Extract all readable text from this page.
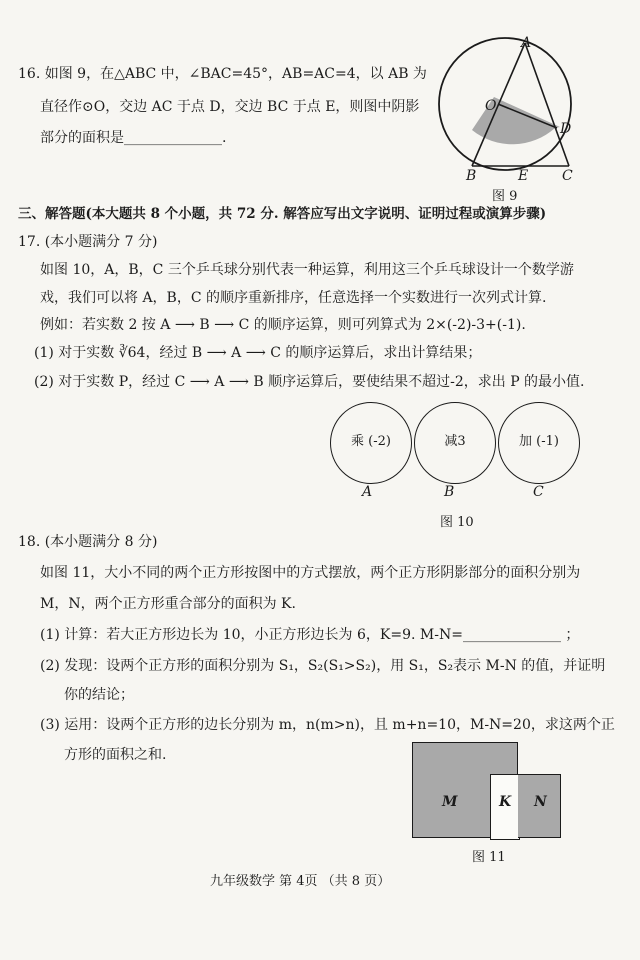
16. 如图 9，在△ABC 中，∠BAC=45°，AB=AC=4，以 AB 为
直径作⊙O，交边 AC 于点 D，交边 BC 于点 E，则图中阴影
部分的面积是______________.
A
O
D
B	E C
图 9
三、解答题(本大题共 8 个小题，共 72 分. 解答应写出文字说明、证明过程或演算步骤)
17. (本小题满分 7 分)
如图 10，A，B，C 三个乒乓球分别代表一种运算，利用这三个乒乓球设计一个数学游
戏，我们可以将 A，B，C 的顺序重新排序，任意选择一个实数进行一次列式计算.
例如：若实数 2 按 A ⟶ B ⟶ C 的顺序运算，则可列算式为 2×(-2)-3+(-1).
(1) 对于实数 ∛64，经过 B ⟶ A ⟶ C 的顺序运算后，求出计算结果；
(2) 对于实数 P，经过 C ⟶ A ⟶ B 顺序运算后，要使结果不超过-2，求出 P 的最小值.
乘 (-2)
A
减3
B
加 (-1)
C
图 10
18. (本小题满分 8 分)
如图 11，大小不同的两个正方形按图中的方式摆放，两个正方形阴影部分的面积分别为
M，N，两个正方形重合部分的面积为 K.
(1) 计算：若大正方形边长为 10，小正方形边长为 6，K=9. M-N=______________ ；
(2) 发现：设两个正方形的面积分别为 S₁，S₂(S₁>S₂)，用 S₁，S₂表示 M-N 的值，并证明
你的结论；
(3) 运用：设两个正方形的边长分别为 m，n(m>n)，且 m+n=10，M-N=20，求这两个正
方形的面积之和.
M	K N
图 11
九年级数学 第 4页 （共 8 页）
